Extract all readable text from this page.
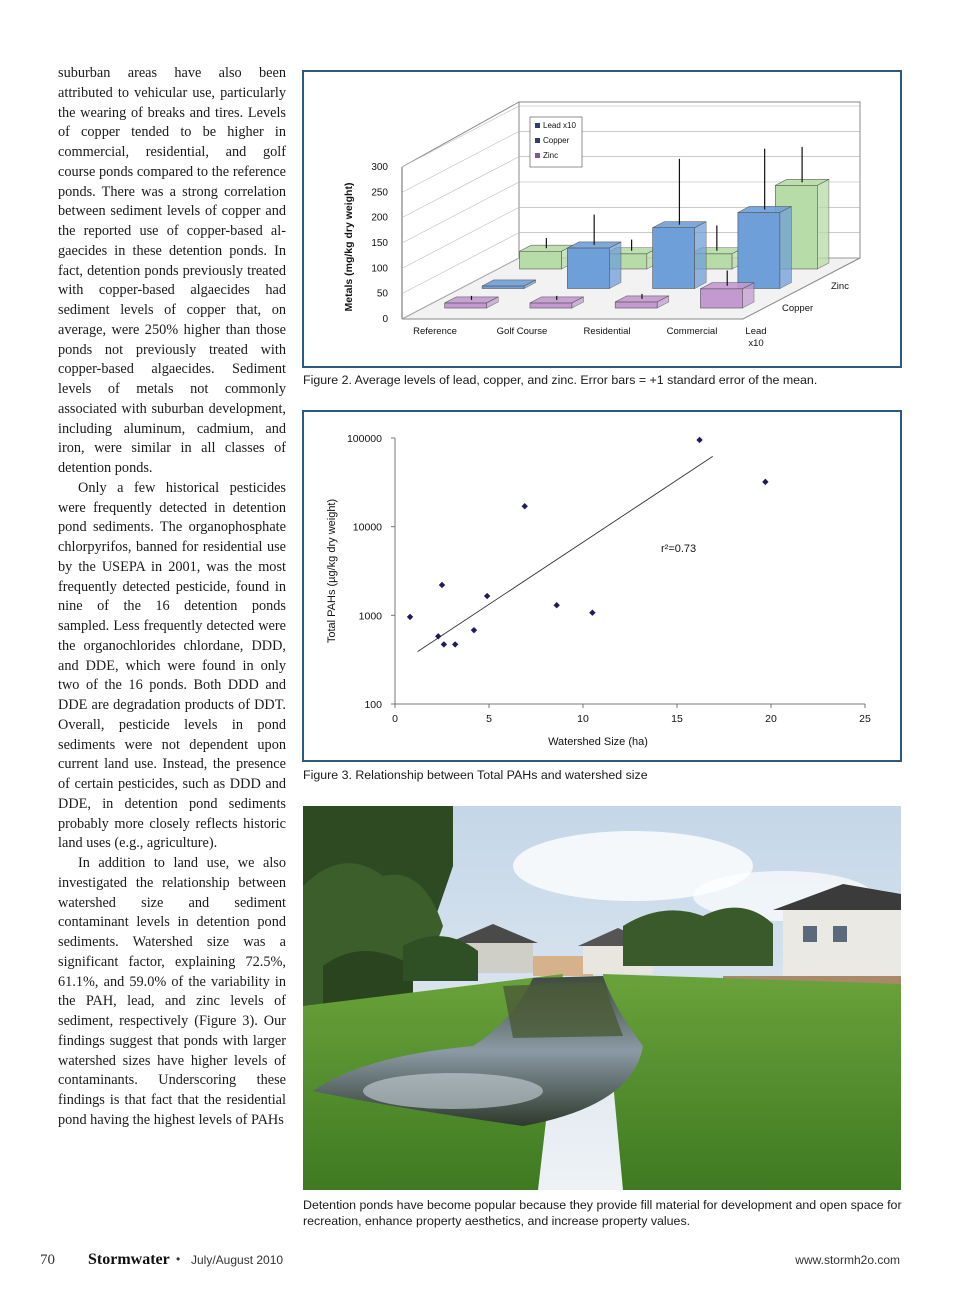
suburban areas have also been attributed to vehicular use, particularly the wearing of breaks and tires. Levels of copper tended to be higher in commercial, residential, and golf course ponds compared to the reference ponds. There was a strong correlation between sediment levels of copper and the reported use of copper-based algaecides in these detention ponds. In fact, detention ponds previously treated with copper-based algaecides had sediment levels of copper that, on average, were 250% higher than those ponds not previously treated with copper-based algaecides. Sediment levels of metals not commonly associated with suburban development, including aluminum, cadmium, and iron, were similar in all classes of detention ponds.

Only a few historical pesticides were frequently detected in detention pond sediments. The organophosphate chlorpyrifos, banned for residential use by the USEPA in 2001, was the most frequently detected pesticide, found in nine of the 16 detention ponds sampled. Less frequently detected were the organochlorides chlordane, DDD, and DDE, which were found in only two of the 16 ponds. Both DDD and DDE are degradation products of DDT. Overall, pesticide levels in pond sediments were not dependent upon current land use. Instead, the presence of certain pesticides, such as DDD and DDE, in detention pond sediments probably more closely reflects historic land uses (e.g., agriculture).

In addition to land use, we also investigated the relationship between watershed size and sediment contaminant levels in detention pond sediments. Watershed size was a significant factor, explaining 72.5%, 61.1%, and 59.0% of the variability in the PAH, lead, and zinc levels of sediment, respectively (Figure 3). Our findings suggest that ponds with larger watershed sizes have higher levels of contaminants. Underscoring these findings is that fact that the residential pond having the highest levels of PAHs

0
50
100
150
200
250
300
Reference	Golf Course	Residential	Commercial	Lead x10
Copper
Zinc
Metals (mg/kg dry weight)
Lead x10
Copper
Zinc
Figure 2. Average levels of lead, copper, and zinc. Error bars = +1 standard error of the mean.
0	5	10	15	20	25
100
1000
10000
100000
Watershed Size (ha)
Total PAHs (µg/kg dry weight)	r²=0.73
Figure 3. Relationship between Total PAHs and watershed size
Detention ponds have become popular because they provide fill material for development and open space for recreation, enhance property aesthetics, and increase property values.
70 Stormwater • July/August 2010	www.stormh2o.com
